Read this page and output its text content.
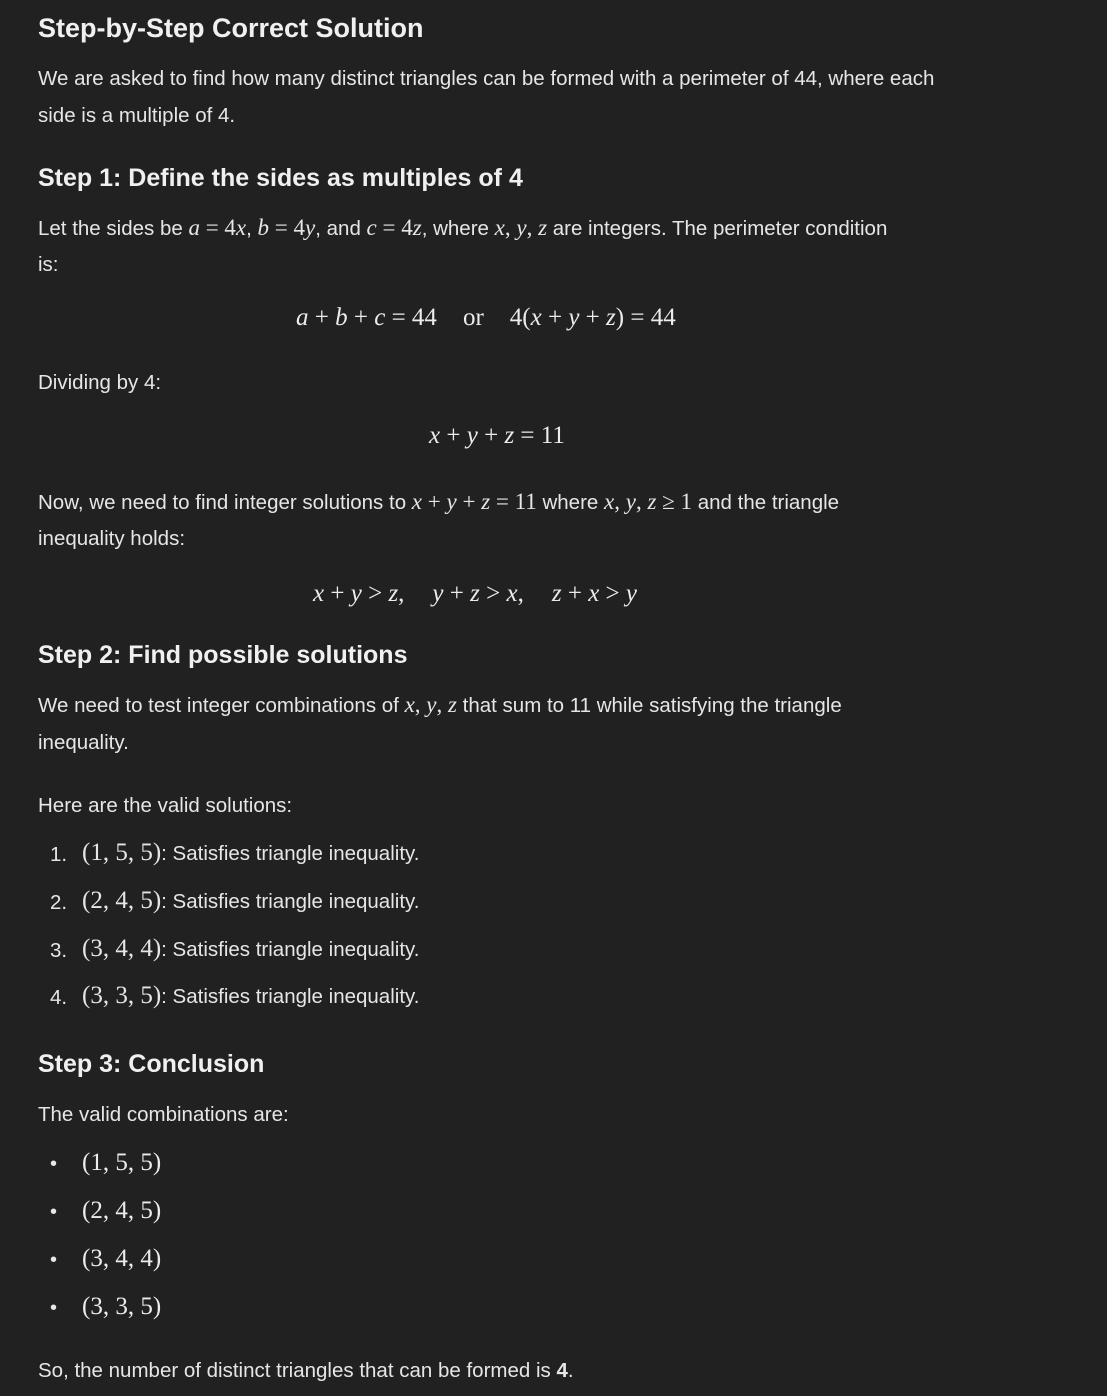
Step-by-Step Correct Solution
We are asked to find how many distinct triangles can be formed with a perimeter of 44, where each
side is a multiple of 4.
Step 1: Define the sides as multiples of 4
Let the sides be a = 4x, b = 4y, and c = 4z, where x, y, z are integers. The perimeter condition
is:
a + b + c = 44 or 4(x + y + z) = 44
Dividing by 4:
x + y + z = 11
Now, we need to find integer solutions to x + y + z = 11 where x, y, z ≥ 1 and the triangle
inequality holds:
x + y > z, y + z > x, z + x > y
Step 2: Find possible solutions
We need to test integer combinations of x, y, z that sum to 11 while satisfying the triangle
inequality.
Here are the valid solutions:
1. (1, 5, 5): Satisfies triangle inequality.
2. (2, 4, 5): Satisfies triangle inequality.
3. (3, 4, 4): Satisfies triangle inequality.
4. (3, 3, 5): Satisfies triangle inequality.
Step 3: Conclusion
The valid combinations are:
• (1, 5, 5)
• (2, 4, 5)
• (3, 4, 4)
• (3, 3, 5)
So, the number of distinct triangles that can be formed is 4.
